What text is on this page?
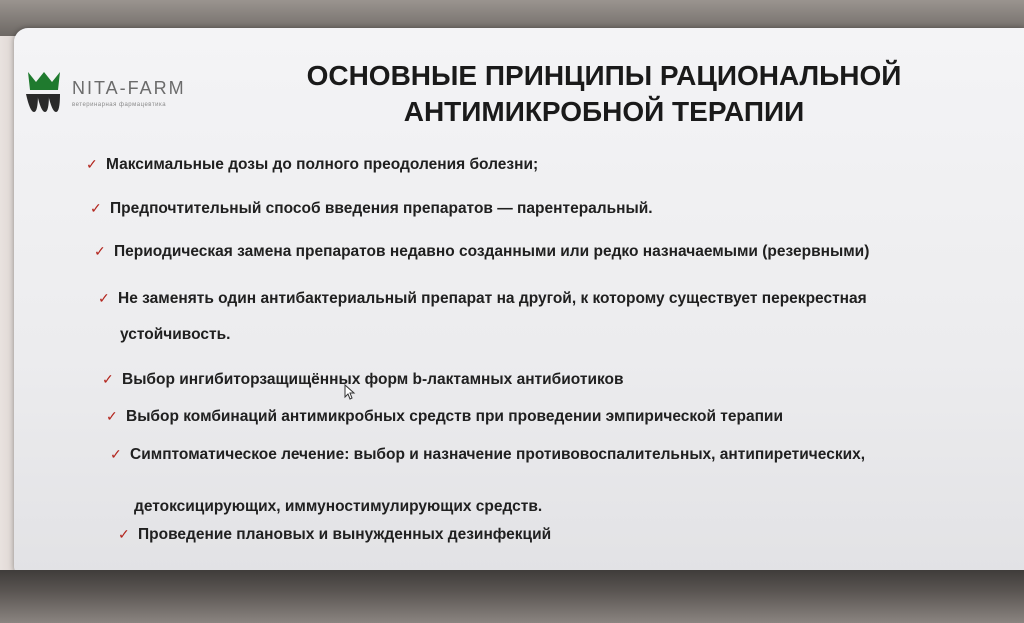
NITA-FARM
ветеринарная фармацевтика
ОСНОВНЫЕ ПРИНЦИПЫ РАЦИОНАЛЬНОЙ
АНТИМИКРОБНОЙ ТЕРАПИИ
✓ Максимальные дозы до полного преодоления болезни;
✓ Предпочтительный способ введения препаратов — парентеральный.
✓ Периодическая замена препаратов недавно созданными или редко назначаемыми (резервными)
✓ Не заменять один антибактериальный препарат на другой, к которому существует перекрестная
устойчивость.
✓ Выбор ингибиторзащищённых форм b-лактамных антибиотиков
✓ Выбор комбинаций антимикробных средств при проведении эмпирической терапии
✓ Симптоматическое лечение: выбор и назначение противовоспалительных, антипиретических,
детоксицирующих, иммуностимулирующих средств.
✓ Проведение плановых и вынужденных дезинфекций
